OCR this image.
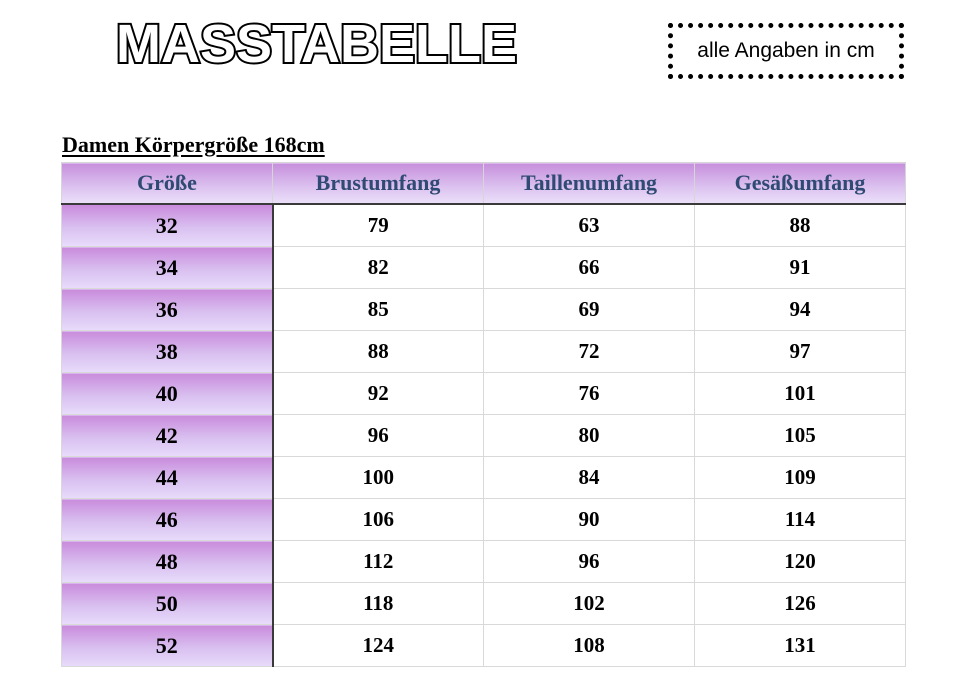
MASSTABELLE	alle Angaben in cm
Damen Körpergröße 168cm
Größe	Brustumfang	Taillenumfang	Gesäßumfang
32	79	63	88
34	82	66	91
36	85	69	94
38	88	72	97
40	92	76	101
42	96	80	105
44	100	84	109
46	106	90	114
48	112	96	120
50	118	102	126
52	124	108	131
